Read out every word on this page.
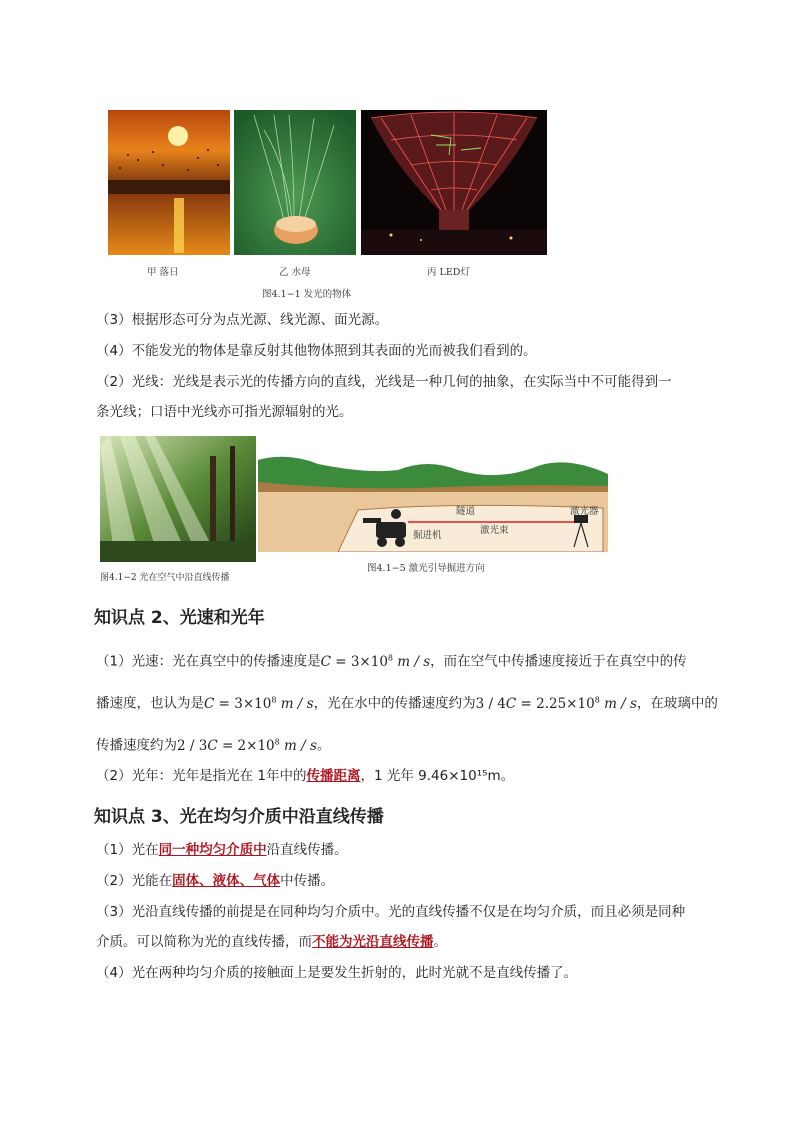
甲 落日	乙 水母	丙 LED灯
图4.1−1 发光的物体
（3）根据形态可分为点光源、线光源、面光源。
（4）不能发光的物体是靠反射其他物体照到其表面的光而被我们看到的。
（2）光线：光线是表示光的传播方向的直线，光线是一种几何的抽象，在实际当中不可能得到一
条光线；口语中光线亦可指光源辐射的光。
隧道	激光器
激光束
掘进机
图4.1−2 光在空气中沿直线传播
图4.1−5 激光引导掘进方向
知识点 2、光速和光年
（1）光速：光在真空中的传播速度是$C = 3\times 10^8$ m / s，而在空气中传播速度接近于在真空中的传
播速度，也认为是$C = 3\times 10^8$ m / s，光在水中的传播速度约为$3 / 4C = 2.25\times 10^8$ m / s，在玻璃中的
传播速度约为$2 / 3C = 2\times 10^8$ m / s。
（2）光年：光年是指光在 1年中的传播距离，1 光年 9.46×10¹⁵m。
知识点 3、光在均匀介质中沿直线传播
（1）光在同一种均匀介质中沿直线传播。
（2）光能在固体、液体、气体中传播。
（3）光沿直线传播的前提是在同种均匀介质中。光的直线传播不仅是在均匀介质，而且必须是同种
介质。可以简称为光的直线传播，而不能为光沿直线传播。
（4）光在两种均匀介质的接触面上是要发生折射的，此时光就不是直线传播了。
